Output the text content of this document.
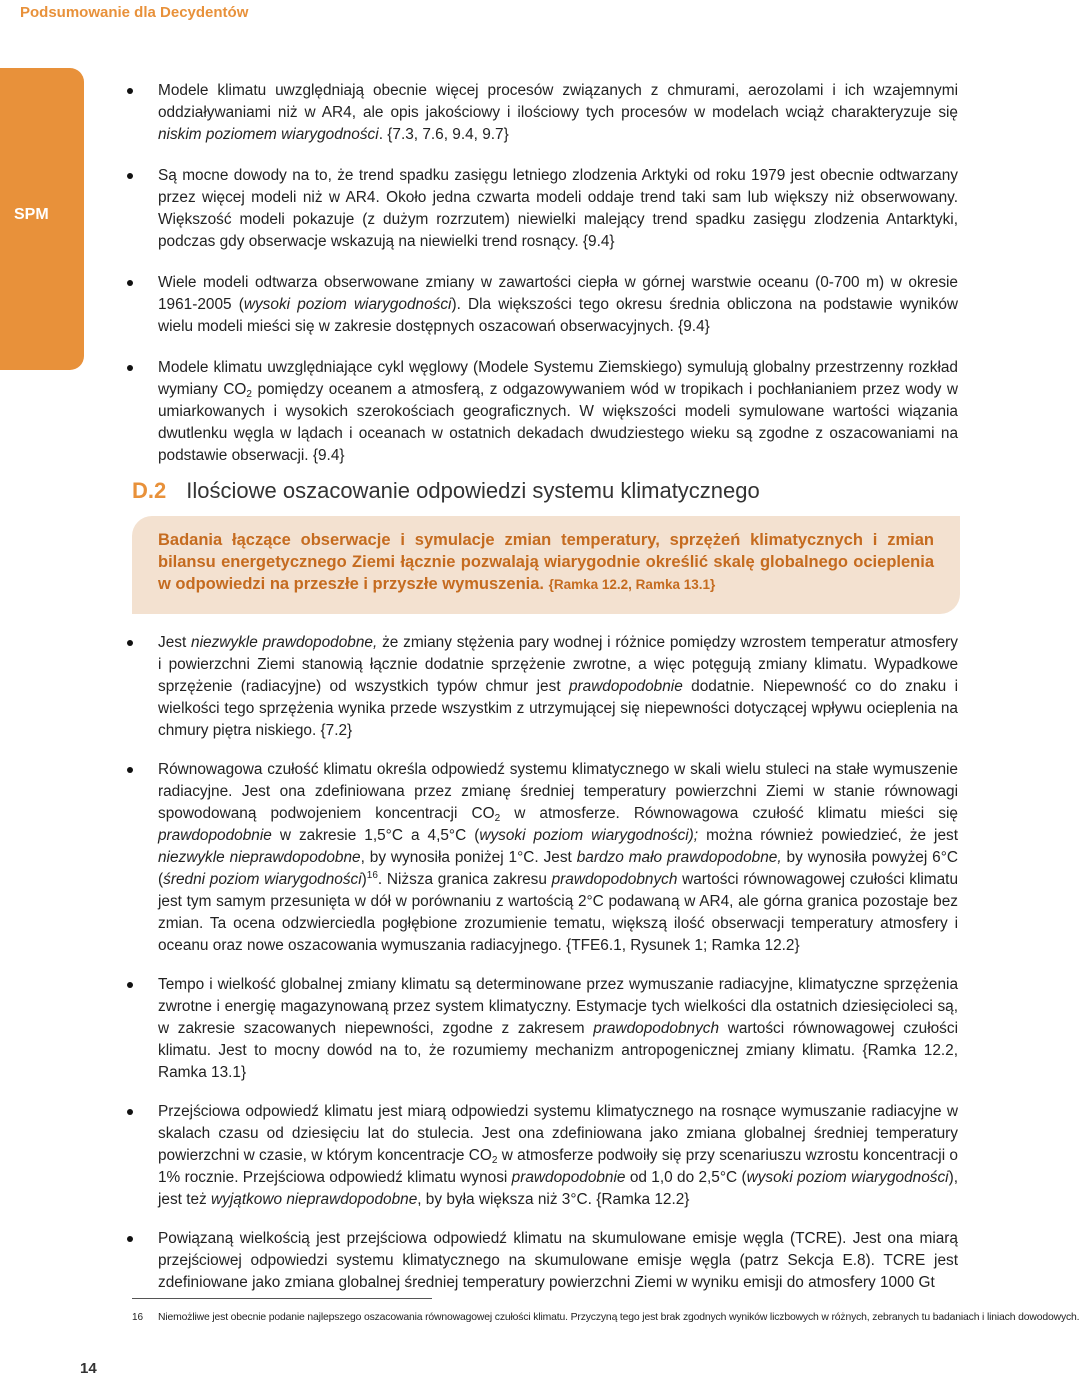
Podsumowanie dla Decydentów
SPM
Modele klimatu uwzględniają obecnie więcej procesów związanych z chmurami, aerozolami i ich wzajemnymi oddziaływaniami niż w AR4, ale opis jakościowy i ilościowy tych procesów w modelach wciąż charakteryzuje się niskim poziomem wiarygodności. {7.3, 7.6, 9.4, 9.7}
Są mocne dowody na to, że trend spadku zasięgu letniego zlodzenia Arktyki od roku 1979 jest obecnie odtwarzany przez więcej modeli niż w AR4. Około jedna czwarta modeli oddaje trend taki sam lub większy niż obserwowany. Większość modeli pokazuje (z dużym rozrzutem) niewielki malejący trend spadku zasięgu zlodzenia Antarktyki, podczas gdy obserwacje wskazują na niewielki trend rosnący. {9.4}
Wiele modeli odtwarza obserwowane zmiany w zawartości ciepła w górnej warstwie oceanu (0-700 m) w okresie 1961-2005 (wysoki poziom wiarygodności). Dla większości tego okresu średnia obliczona na podstawie wyników wielu modeli mieści się w zakresie dostępnych oszacowań obserwacyjnych. {9.4}
Modele klimatu uwzględniające cykl węglowy (Modele Systemu Ziemskiego) symulują globalny przestrzenny rozkład wymiany $CO_2$ pomiędzy oceanem a atmosferą, z odgazowywaniem wód w tropikach i pochłanianiem przez wody w umiarkowanych i wysokich szerokościach geograficznych. W większości modeli symulowane wartości wiązania dwutlenku węgla w lądach i oceanach w ostatnich dekadach dwudziestego wieku są zgodne z oszacowaniami na podstawie obserwacji. {9.4}
D.2 Ilościowe oszacowanie odpowiedzi systemu klimatycznego

Badania łączące obserwacje i symulacje zmian temperatury, sprzężeń klimatycznych i zmian bilansu energetycznego Ziemi łącznie pozwalają wiarygodnie określić skalę globalnego ocieplenia w odpowiedzi na przeszłe i przyszłe wymuszenia. {Ramka 12.2, Ramka 13.1}

Jest niezwykle prawdopodobne, że zmiany stężenia pary wodnej i różnice pomiędzy wzrostem temperatur atmosfery i powierzchni Ziemi stanowią łącznie dodatnie sprzężenie zwrotne, a więc potęgują zmiany klimatu. Wypadkowe sprzężenie (radiacyjne) od wszystkich typów chmur jest prawdopodobnie dodatnie. Niepewność co do znaku i wielkości tego sprzężenia wynika przede wszystkim z utrzymującej się niepewności dotyczącej wpływu ocieplenia na chmury piętra niskiego. {7.2}
Równowagowa czułość klimatu określa odpowiedź systemu klimatycznego w skali wielu stuleci na stałe wymuszenie radiacyjne. Jest ona zdefiniowana przez zmianę średniej temperatury powierzchni Ziemi w stanie równowagi spowodowaną podwojeniem koncentracji $CO_2$ w atmosferze. Równowagowa czułość klimatu mieści się prawdopodobnie w zakresie 1,5°C a 4,5°C (wysoki poziom wiarygodności); można również powiedzieć, że jest niezwykle nieprawdopodobne, by wynosiła poniżej 1°C. Jest bardzo mało prawdopodobne, by wynosiła powyżej 6°C (średni poziom wiarygodności)$^{16}$. Niższa granica zakresu prawdopodobnych wartości równowagowej czułości klimatu jest tym samym przesunięta w dół w porównaniu z wartością 2°C podawaną w AR4, ale górna granica pozostaje bez zmian. Ta ocena odzwierciedla pogłębione zrozumienie tematu, większą ilość obserwacji temperatury atmosfery i oceanu oraz nowe oszacowania wymuszania radiacyjnego. {TFE6.1, Rysunek 1; Ramka 12.2}
Tempo i wielkość globalnej zmiany klimatu są determinowane przez wymuszanie radiacyjne, klimatyczne sprzężenia zwrotne i energię magazynowaną przez system klimatyczny. Estymacje tych wielkości dla ostatnich dziesięcioleci są, w zakresie szacowanych niepewności, zgodne z zakresem prawdopodobnych wartości równowagowej czułości klimatu. Jest to mocny dowód na to, że rozumiemy mechanizm antropogenicznej zmiany klimatu. {Ramka 12.2, Ramka 13.1}
Przejściowa odpowiedź klimatu jest miarą odpowiedzi systemu klimatycznego na rosnące wymuszanie radiacyjne w skalach czasu od dziesięciu lat do stulecia. Jest ona zdefiniowana jako zmiana globalnej średniej temperatury powierzchni w czasie, w którym koncentracje $CO_2$ w atmosferze podwoiły się przy scenariuszu wzrostu koncentracji o 1% rocznie. Przejściowa odpowiedź klimatu wynosi prawdopodobnie od 1,0 do 2,5°C (wysoki poziom wiarygodności), jest też wyjątkowo nieprawdopodobne, by była większa niż 3°C. {Ramka 12.2}
Powiązaną wielkością jest przejściowa odpowiedź klimatu na skumulowane emisje węgla (TCRE). Jest ona miarą przejściowej odpowiedzi systemu klimatycznego na skumulowane emisje węgla (patrz Sekcja E.8). TCRE jest zdefiniowane jako zmiana globalnej średniej temperatury powierzchni Ziemi w wyniku emisji do atmosfery 1000 Gt
16 Niemożliwe jest obecnie podanie najlepszego oszacowania równowagowej czułości klimatu. Przyczyną tego jest brak zgodnych wyników liczbowych w różnych, zebranych tu badaniach i liniach dowodowych.
14
